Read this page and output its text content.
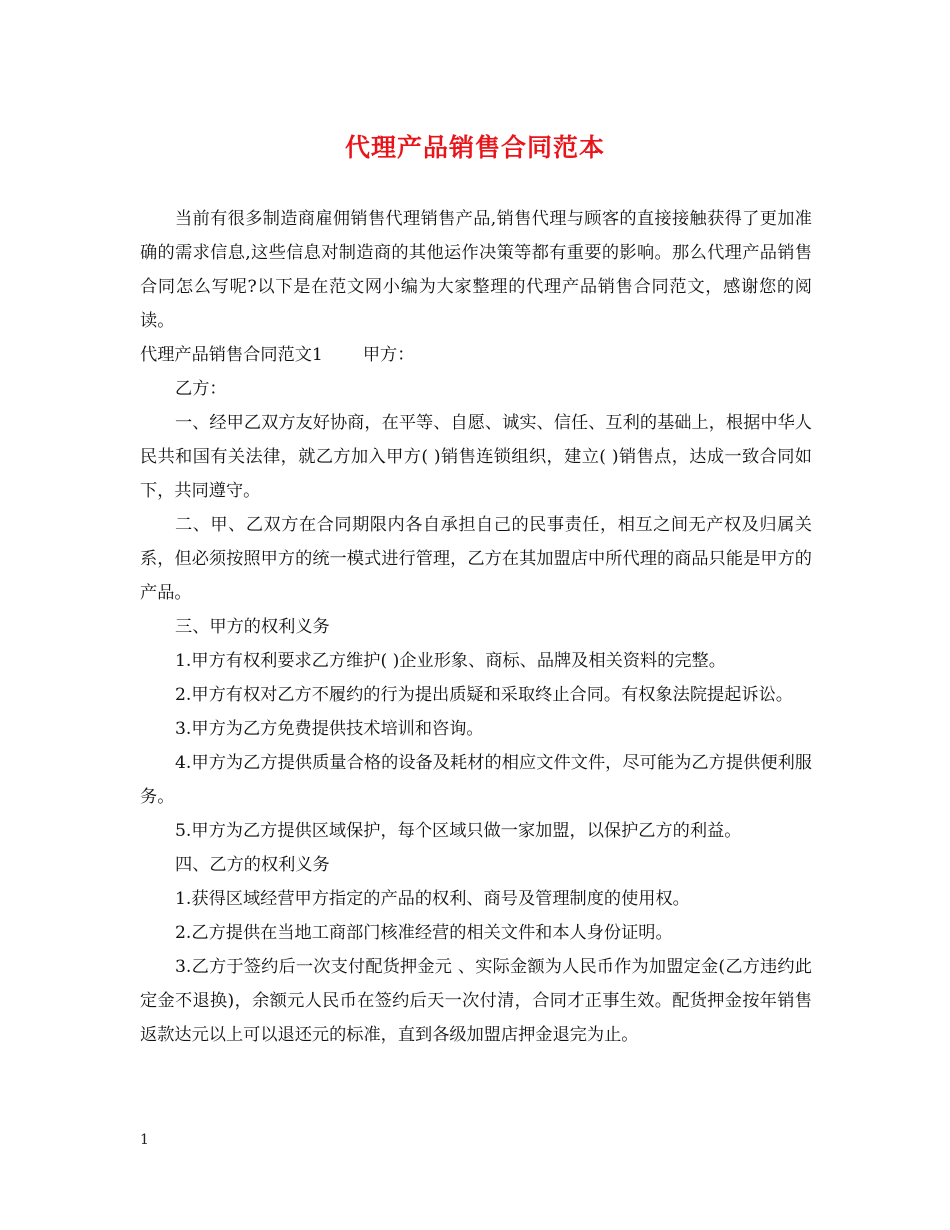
代理产品销售合同范本

当前有很多制造商雇佣销售代理销售产品,销售代理与顾客的直接接触获得了更加准确的需求信息,这些信息对制造商的其他运作决策等都有重要的影响。那么代理产品销售合同怎么写呢?以下是在范文网小编为大家整理的代理产品销售合同范文，感谢您的阅读。

代理产品销售合同范文1 甲方：

乙方：

一、经甲乙双方友好协商，在平等、自愿、诚实、信任、互利的基础上，根据中华人民共和国有关法律，就乙方加入甲方( )销售连锁组织，建立( )销售点，达成一致合同如下，共同遵守。

二、甲、乙双方在合同期限内各自承担自己的民事责任，相互之间无产权及归属关系，但必须按照甲方的统一模式进行管理，乙方在其加盟店中所代理的商品只能是甲方的产品。

三、甲方的权利义务

1.甲方有权利要求乙方维护( )企业形象、商标、品牌及相关资料的完整。

2.甲方有权对乙方不履约的行为提出质疑和采取终止合同。有权象法院提起诉讼。

3.甲方为乙方免费提供技术培训和咨询。

4.甲方为乙方提供质量合格的设备及耗材的相应文件文件，尽可能为乙方提供便利服务。

5.甲方为乙方提供区域保护，每个区域只做一家加盟，以保护乙方的利益。

四、乙方的权利义务

1.获得区域经营甲方指定的产品的权利、商号及管理制度的使用权。

2.乙方提供在当地工商部门核准经营的相关文件和本人身份证明。

3.乙方于签约后一次支付配货押金元 、实际金额为人民币作为加盟定金(乙方违约此定金不退换)，余额元人民币在签约后天一次付清，合同才正事生效。配货押金按年销售返款达元以上可以退还元的标准，直到各级加盟店押金退完为止。

1
